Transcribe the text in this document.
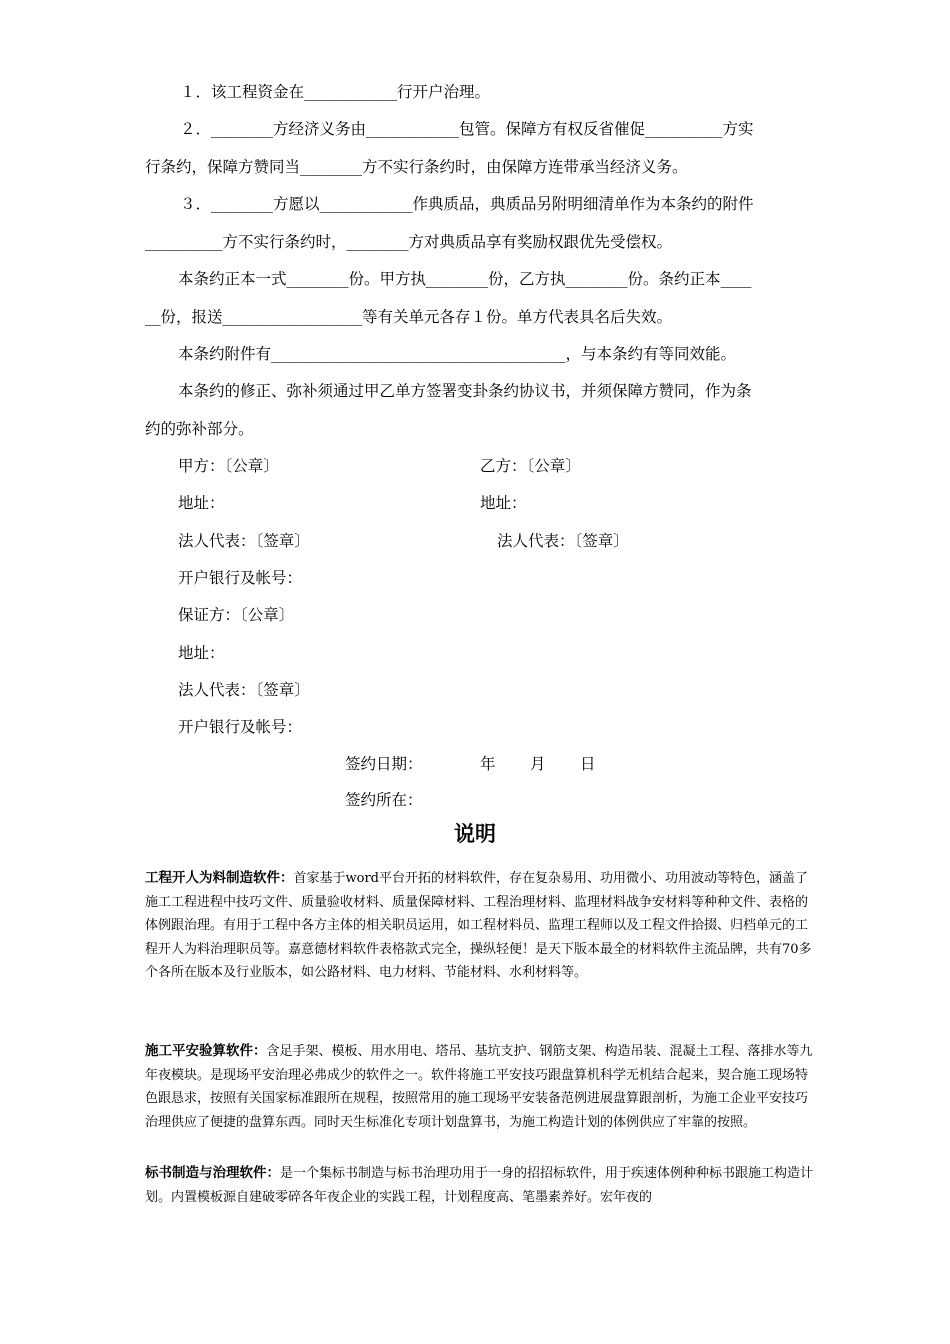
１．该工程资金在____________行开户治理。
２．________方经济义务由____________包管。保障方有权反省催促__________方实
行条约，保障方赞同当________方不实行条约时，由保障方连带承当经济义务。
３．________方愿以____________作典质品，典质品另附明细清单作为本条约的附件
__________方不实行条约时，________方对典质品享有奖励权跟优先受偿权。
本条约正本一式________份。甲方执________份，乙方执________份。条约正本____
__份，报送__________________等有关单元各存１份。单方代表具名后失效。
本条约附件有______________________________________，与本条约有等同效能。
本条约的修正、弥补须通过甲乙单方签署变卦条约协议书，并须保障方赞同，作为条
约的弥补部分。
甲方：〔公章〕	乙方：〔公章〕
地址：	地址：
法人代表：〔签章〕	法人代表：〔签章〕
开户银行及帐号：
保证方：〔公章〕
地址：
法人代表：〔签章〕
开户银行及帐号：
签约日期：	年 月 日
签约所在：
说明
工程开人为料制造软件：首家基于word平台开拓的材料软件，存在复杂易用、功用微小、功用波动等特色，涵盖了施工工程进程中技巧文件、质量验收材料、质量保障材料、工程治理材料、监理材料战争安材料等种种文件、表格的体例跟治理。有用于工程中各方主体的相关职员运用，如工程材料员、监理工程师以及工程文件拾掇、归档单元的工程开人为料治理职员等。嘉意德材料软件表格款式完全，操纵轻便！是天下版本最全的材料软件主流品牌，共有70多个各所在版本及行业版本，如公路材料、电力材料、节能材料、水利材料等。
施工平安验算软件：含足手架、模板、用水用电、塔吊、基坑支护、钢筋支架、构造吊装、混凝土工程、落排水等九年夜模块。是现场平安治理必弗成少的软件之一。软件将施工平安技巧跟盘算机科学无机结合起来，契合施工现场特色跟恳求，按照有关国家标准跟所在规程，按照常用的施工现场平安装备范例进展盘算跟剖析，为施工企业平安技巧治理供应了便捷的盘算东西。同时天生标准化专项计划盘算书，为施工构造计划的体例供应了牢靠的按照。
标书制造与治理软件：是一个集标书制造与标书治理功用于一身的招招标软件，用于疾速体例种种标书跟施工构造计划。内置模板源自建破零碎各年夜企业的实践工程，计划程度高、笔墨素养好。宏年夜的
